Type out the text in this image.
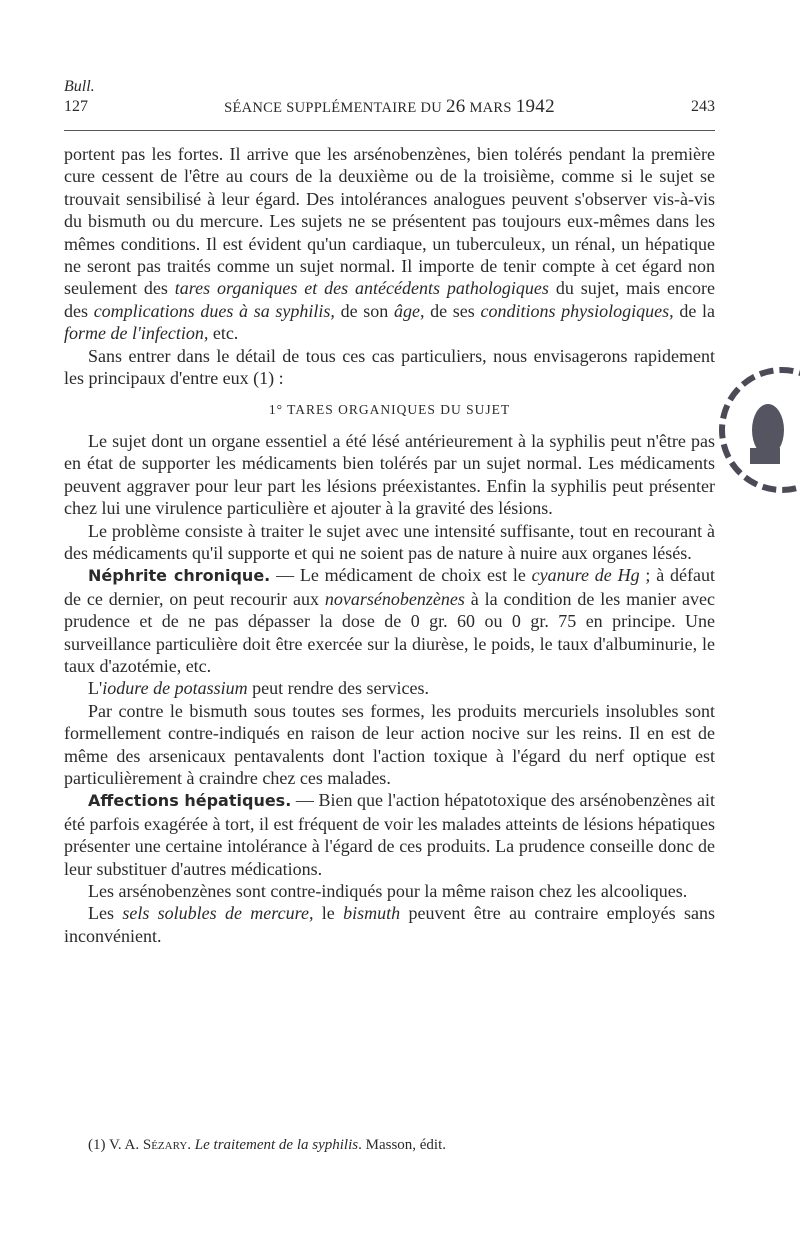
Bull.
127	SÉANCE SUPPLÉMENTAIRE DU 26 MARS 1942	243

portent pas les fortes. Il arrive que les arsénobenzènes, bien tolérés pendant la première cure cessent de l'être au cours de la deuxième ou de la troisième, comme si le sujet se trouvait sensibilisé à leur égard. Des intolérances analogues peuvent s'observer vis-à-vis du bismuth ou du mercure. Les sujets ne se présentent pas toujours eux-mêmes dans les mêmes conditions. Il est évident qu'un cardiaque, un tuberculeux, un rénal, un hépatique ne seront pas traités comme un sujet normal. Il importe de tenir compte à cet égard non seulement des tares organiques et des antécédents pathologiques du sujet, mais encore des complications dues à sa syphilis, de son âge, de ses conditions physiologiques, de la forme de l'infection, etc.

Sans entrer dans le détail de tous ces cas particuliers, nous envisagerons rapidement les principaux d'entre eux (1) :

1° TARES ORGANIQUES DU SUJET

Le sujet dont un organe essentiel a été lésé antérieurement à la syphilis peut n'être pas en état de supporter les médicaments bien tolérés par un sujet normal. Les médicaments peuvent aggraver pour leur part les lésions préexistantes. Enfin la syphilis peut présenter chez lui une virulence particulière et ajouter à la gravité des lésions.

Le problème consiste à traiter le sujet avec une intensité suffisante, tout en recourant à des médicaments qu'il supporte et qui ne soient pas de nature à nuire aux organes lésés.

Néphrite chronique. — Le médicament de choix est le cyanure de Hg ; à défaut de ce dernier, on peut recourir aux novarsénobenzènes à la condition de les manier avec prudence et de ne pas dépasser la dose de 0 gr. 60 ou 0 gr. 75 en principe. Une surveillance particulière doit être exercée sur la diurèse, le poids, le taux d'albuminurie, le taux d'azotémie, etc.

L'iodure de potassium peut rendre des services.

Par contre le bismuth sous toutes ses formes, les produits mercuriels insolubles sont formellement contre-indiqués en raison de leur action nocive sur les reins. Il en est de même des arsenicaux pentavalents dont l'action toxique à l'égard du nerf optique est particulièrement à craindre chez ces malades.

Affections hépatiques. — Bien que l'action hépatotoxique des arsénobenzènes ait été parfois exagérée à tort, il est fréquent de voir les malades atteints de lésions hépatiques présenter une certaine intolérance à l'égard de ces produits. La prudence conseille donc de leur substituer d'autres médications.

Les arsénobenzènes sont contre-indiqués pour la même raison chez les alcooliques.

Les sels solubles de mercure, le bismuth peuvent être au contraire employés sans inconvénient.

(1) V. A. Sézary. Le traitement de la syphilis. Masson, édit.
